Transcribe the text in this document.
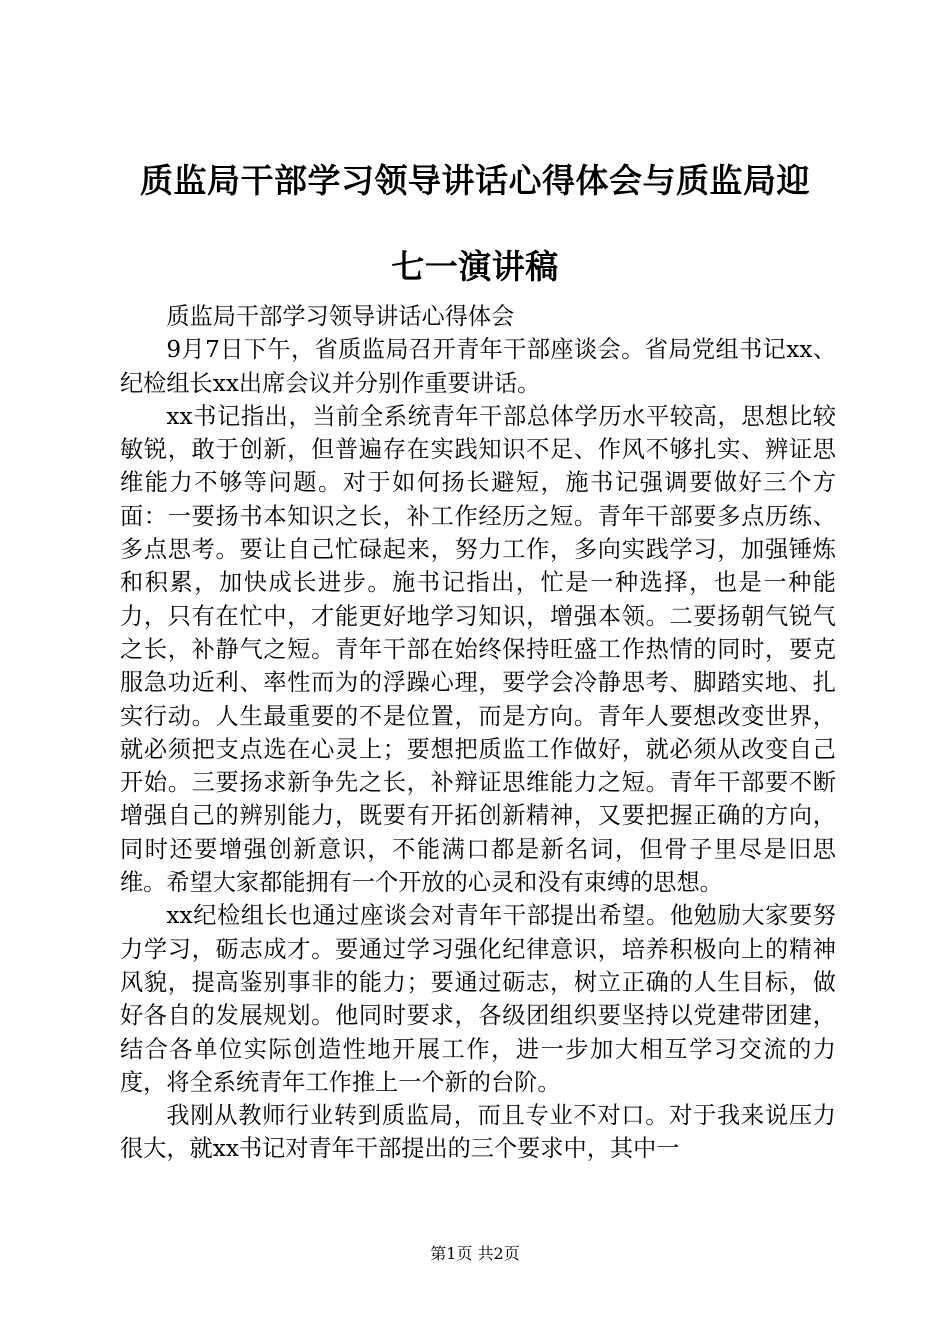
质监局干部学习领导讲话心得体会与质监局迎
七一演讲稿

质监局干部学习领导讲话心得体会

9月7日下午，省质监局召开青年干部座谈会。省局党组书记xx、纪检组长xx出席会议并分别作重要讲话。

xx书记指出，当前全系统青年干部总体学历水平较高，思想比较敏锐，敢于创新，但普遍存在实践知识不足、作风不够扎实、辨证思维能力不够等问题。对于如何扬长避短，施书记强调要做好三个方面：一要扬书本知识之长，补工作经历之短。青年干部要多点历练、多点思考。要让自己忙碌起来，努力工作，多向实践学习，加强锤炼和积累，加快成长进步。施书记指出，忙是一种选择，也是一种能力，只有在忙中，才能更好地学习知识，增强本领。二要扬朝气锐气之长，补静气之短。青年干部在始终保持旺盛工作热情的同时，要克服急功近利、率性而为的浮躁心理，要学会冷静思考、脚踏实地、扎实行动。人生最重要的不是位置，而是方向。青年人要想改变世界，就必须把支点选在心灵上；要想把质监工作做好，就必须从改变自己开始。三要扬求新争先之长，补辩证思维能力之短。青年干部要不断增强自己的辨别能力，既要有开拓创新精神，又要把握正确的方向，同时还要增强创新意识，不能满口都是新名词，但骨子里尽是旧思维。希望大家都能拥有一个开放的心灵和没有束缚的思想。

xx纪检组长也通过座谈会对青年干部提出希望。他勉励大家要努力学习，砺志成才。要通过学习强化纪律意识，培养积极向上的精神风貌，提高鉴别事非的能力；要通过砺志，树立正确的人生目标，做好各自的发展规划。他同时要求，各级团组织要坚持以党建带团建，结合各单位实际创造性地开展工作，进一步加大相互学习交流的力度，将全系统青年工作推上一个新的台阶。

我刚从教师行业转到质监局，而且专业不对口。对于我来说压力很大，就xx书记对青年干部提出的三个要求中，其中一

第1页 共2页
